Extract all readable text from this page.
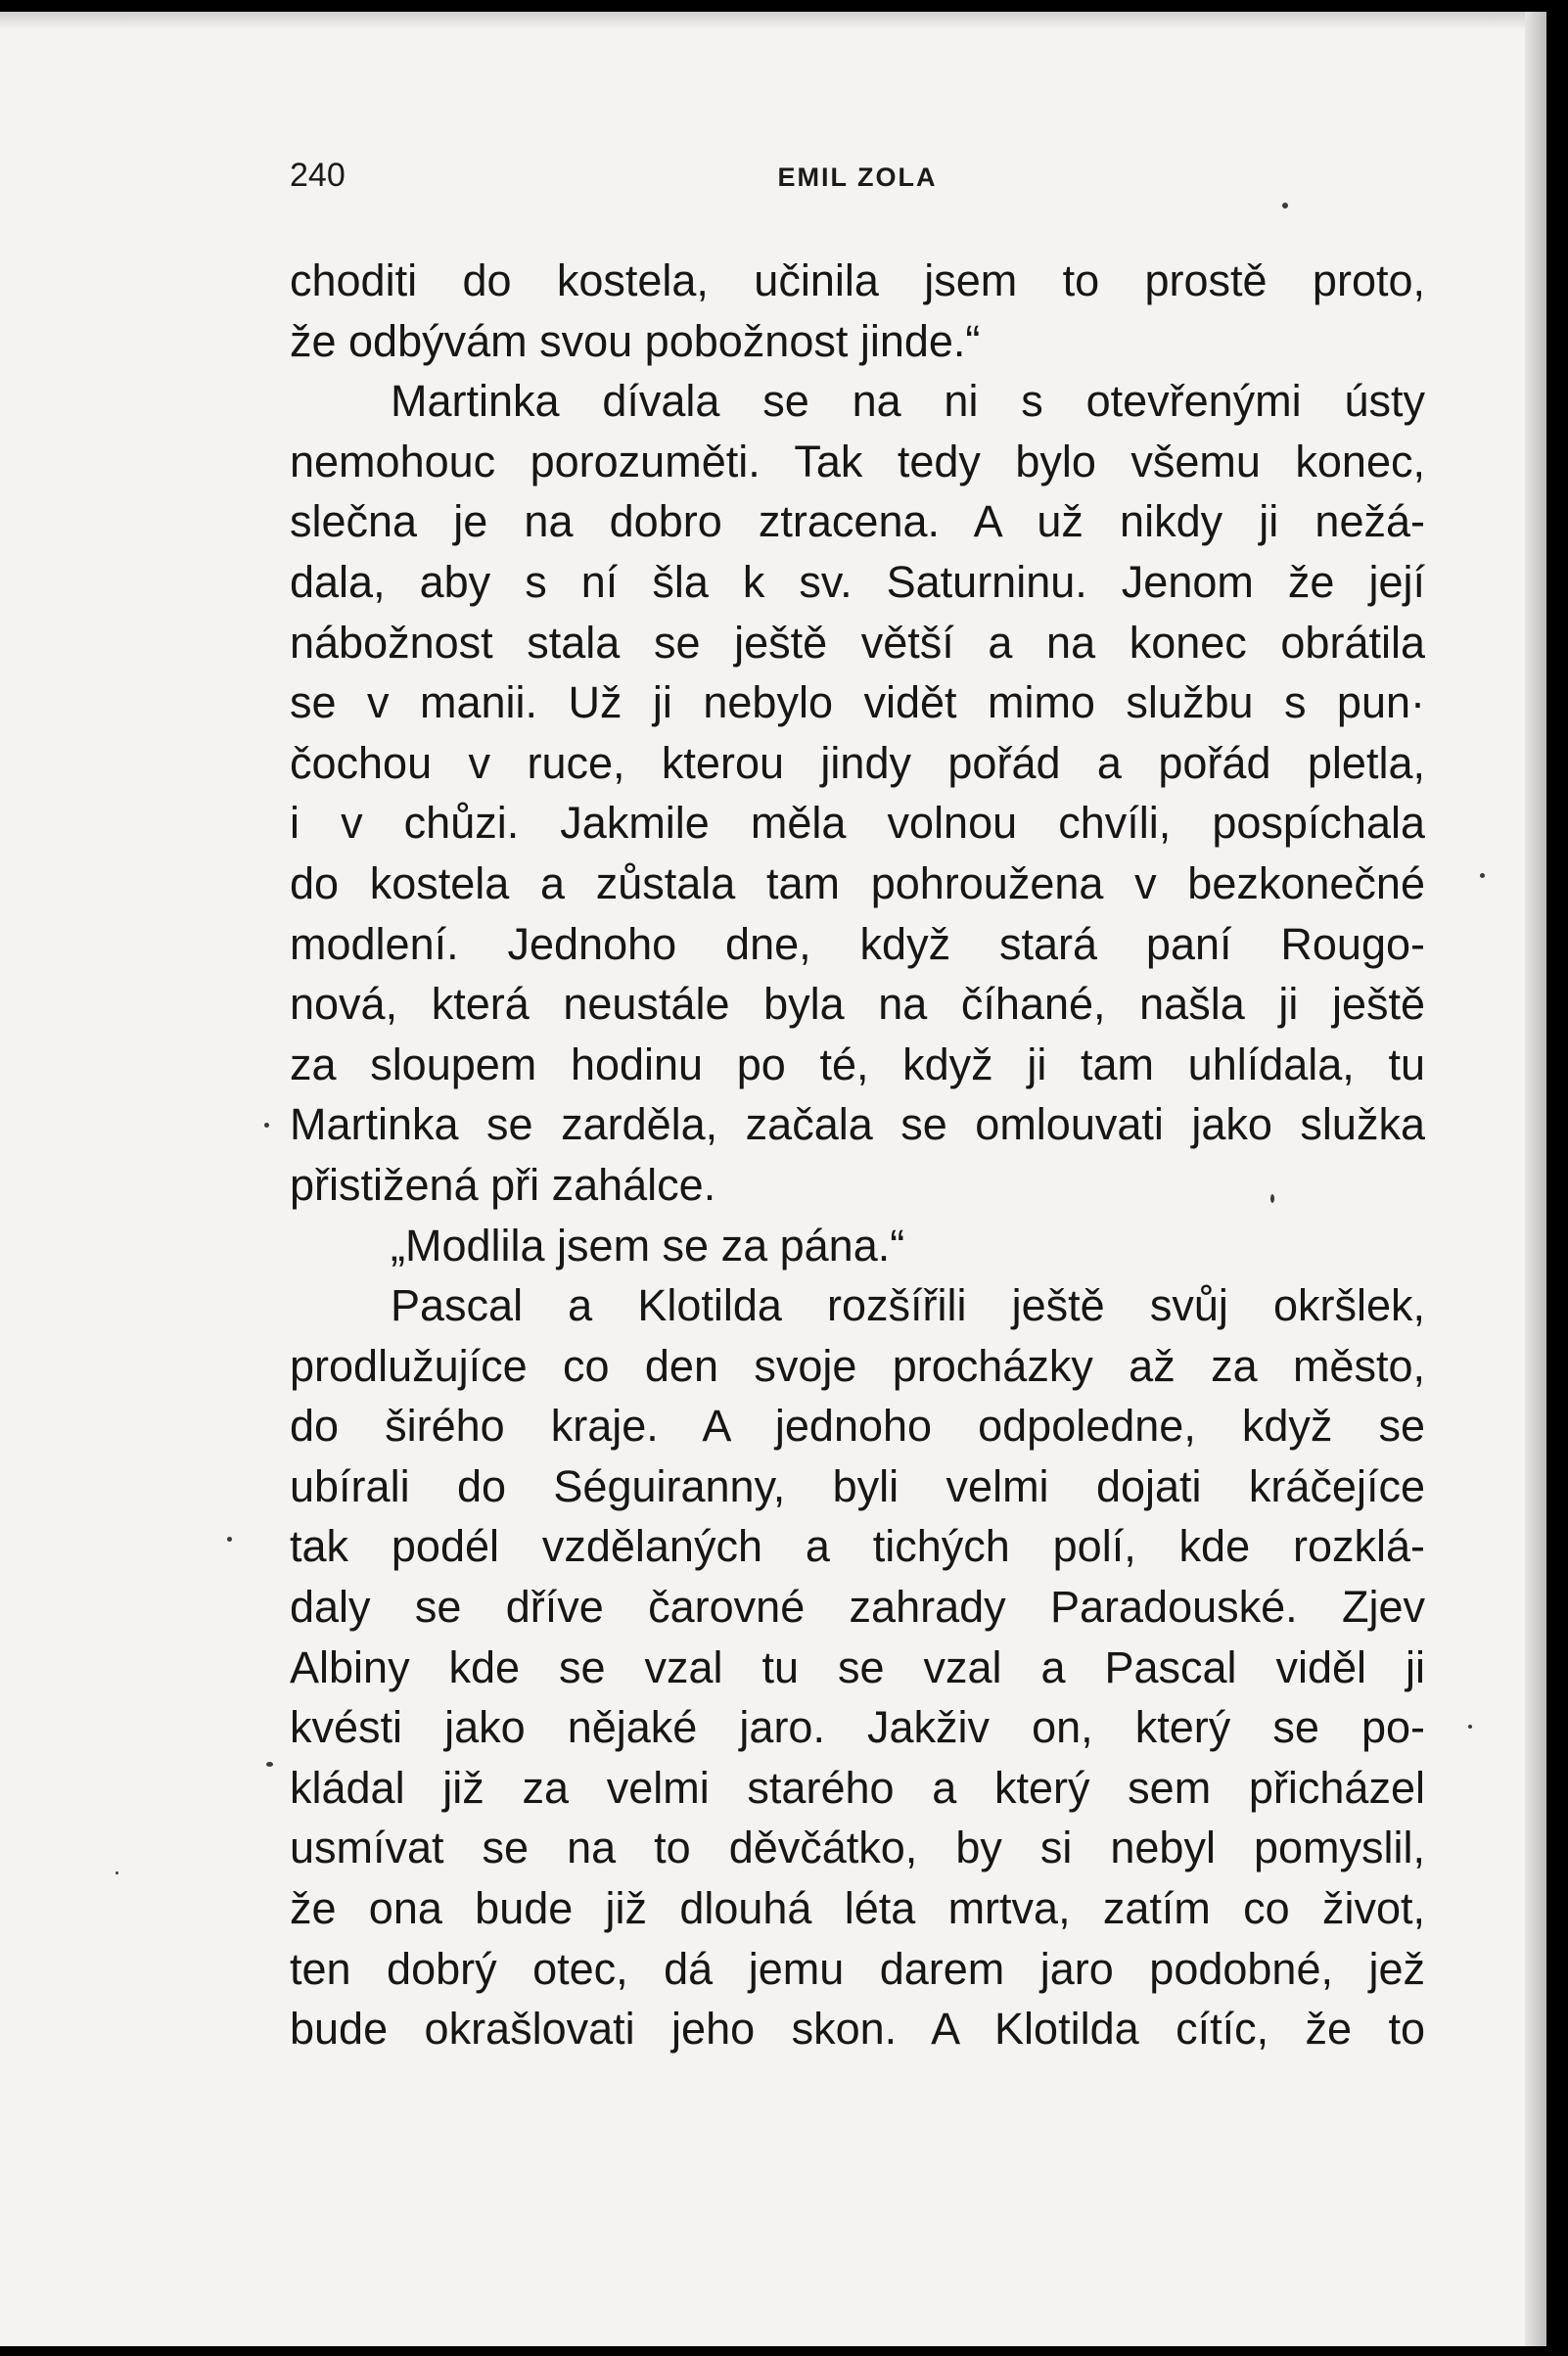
240	EMIL ZOLA
choditi do kostela, učinila jsem to prostě proto,
že odbývám svou pobožnost jinde.“
Martinka dívala se na ni s otevřenými ústy
nemohouc porozuměti. Tak tedy bylo všemu konec,
slečna je na dobro ztracena. A už nikdy ji nežá-
dala, aby s ní šla k sv. Saturninu. Jenom že její
nábožnost stala se ještě větší a na konec obrátila
se v manii. Už ji nebylo vidět mimo službu s pun·
čochou v ruce, kterou jindy pořád a pořád pletla,
i v chůzi. Jakmile měla volnou chvíli, pospíchala
do kostela a zůstala tam pohroužena v bezkonečné
modlení. Jednoho dne, když stará paní Rougo-
nová, která neustále byla na číhané, našla ji ještě
za sloupem hodinu po té, když ji tam uhlídala, tu
Martinka se zarděla, začala se omlouvati jako služka
přistižená při zahálce.
„Modlila jsem se za pána.“
Pascal a Klotilda rozšířili ještě svůj okršlek,
prodlužujíce co den svoje procházky až za město,
do širého kraje. A jednoho odpoledne, když se
ubírali do Séguiranny, byli velmi dojati kráčejíce
tak podél vzdělaných a tichých polí, kde rozklá-
daly se dříve čarovné zahrady Paradouské. Zjev
Albiny kde se vzal tu se vzal a Pascal viděl ji
kvésti jako nějaké jaro. Jakživ on, který se po-
kládal již za velmi starého a který sem přicházel
usmívat se na to děvčátko, by si nebyl pomyslil,
že ona bude již dlouhá léta mrtva, zatím co život,
ten dobrý otec, dá jemu darem jaro podobné, jež
bude okrašlovati jeho skon. A Klotilda cítíc, že to
